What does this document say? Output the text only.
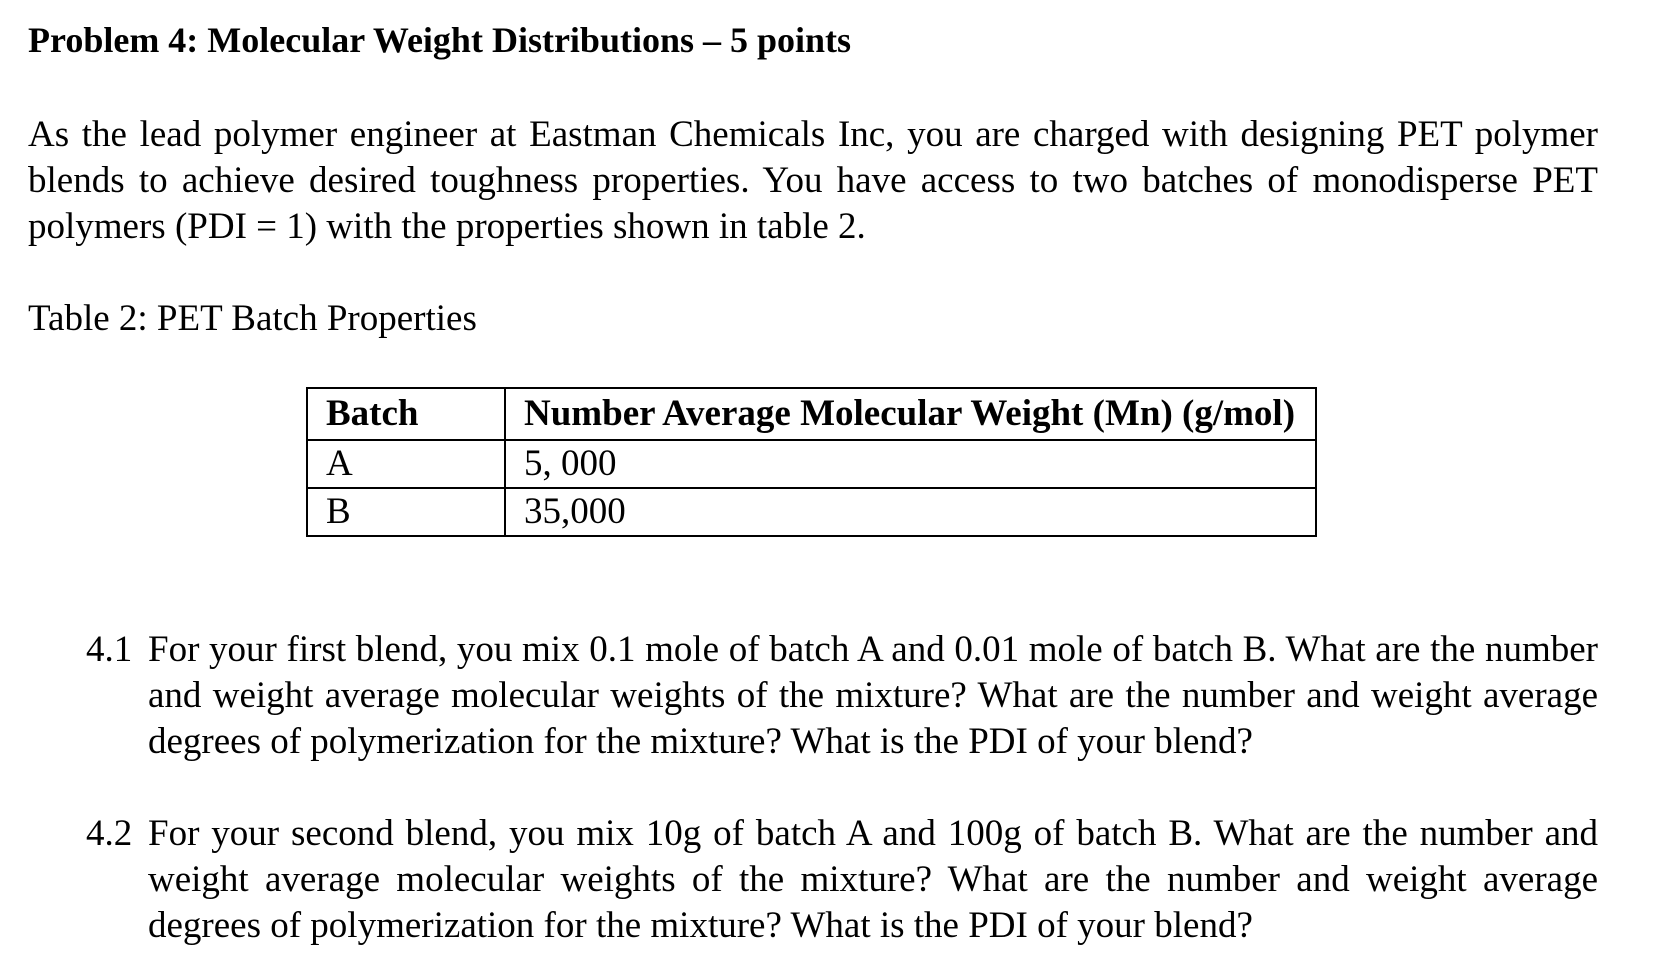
Problem 4: Molecular Weight Distributions – 5 points
As the lead polymer engineer at Eastman Chemicals Inc, you are charged with designing PET polymer blends to achieve desired toughness properties. You have access to two batches of monodisperse PET polymers (PDI = 1) with the properties shown in table 2.
Table 2: PET Batch Properties
Batch	Number Average Molecular Weight (Mn) (g/mol)
A	5, 000
B	35,000
4.1 For your first blend, you mix 0.1 mole of batch A and 0.01 mole of batch B. What are the number and weight average molecular weights of the mixture? What are the number and weight average degrees of polymerization for the mixture? What is the PDI of your blend?
4.2 For your second blend, you mix 10g of batch A and 100g of batch B. What are the number and weight average molecular weights of the mixture? What are the number and weight average degrees of polymerization for the mixture? What is the PDI of your blend?
